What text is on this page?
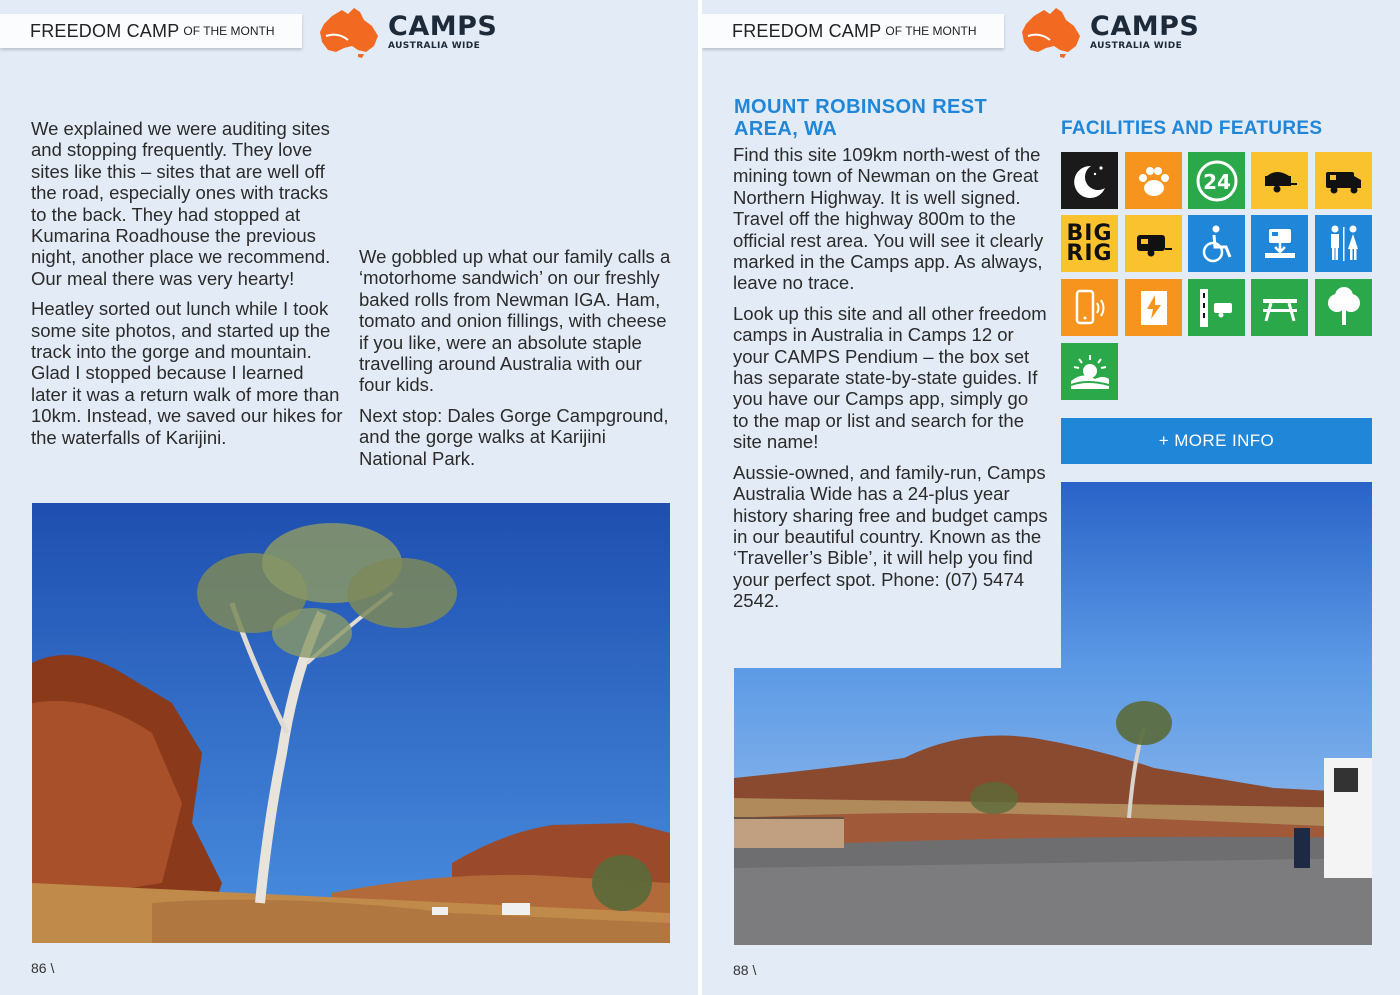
FREEDOM CAMP OF THE MONTH	CAMPS
AUSTRALIA WIDE

We explained we were auditing sites and stopping frequently. They love sites like this – sites that are well off the road, especially ones with tracks to the back. They had stopped at Kumarina Roadhouse the previous night, another place we recommend. Our meal there was very hearty!

Heatley sorted out lunch while I took some site photos, and started up the track into the gorge and mountain. Glad I stopped because I learned later it was a return walk of more than 10km. Instead, we saved our hikes for the waterfalls of Karijini.

We gobbled up what our family calls a ‘motorhome sandwich’ on our freshly baked rolls from Newman IGA. Ham, tomato and onion fillings, with cheese if you like, were an absolute staple travelling around Australia with our four kids.

Next stop: Dales Gorge Campground, and the gorge walks at Karijini National Park.

86 \
FREEDOM CAMP OF THE MONTH	CAMPS
AUSTRALIA WIDE
MOUNT ROBINSON REST AREA, WA

Find this site 109km north-west of the mining town of Newman on the Great Northern Highway. It is well signed. Travel off the highway 800m to the official rest area. You will see it clearly marked in the Camps app. As always, leave no trace.

Look up this site and all other freedom camps in Australia in Camps 12 or your CAMPS Pendium – the box set has separate state-by-state guides. If you have our Camps app, simply go to the map or list and search for the site name!

Aussie-owned, and family-run, Camps Australia Wide has a 24-plus year history sharing free and budget camps in our beautiful country. Known as the ‘Traveller’s Bible’, it will help you find your perfect spot. Phone: (07) 5474 2542.

FACILITIES AND FEATURES
24
BIG
RIG
+ MORE INFO
88 \
